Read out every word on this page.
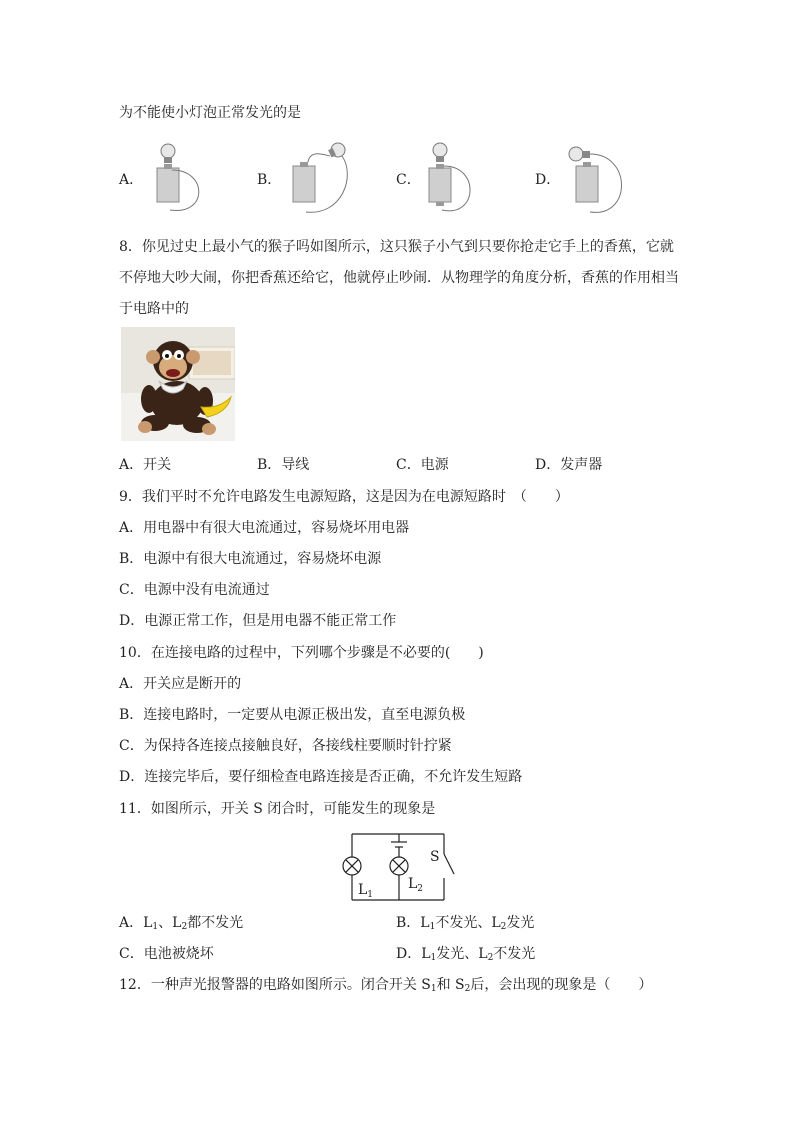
为不能使小灯泡正常发光的是
A．	B．	C．	D．
8．你见过史上最小气的猴子吗如图所示，这只猴子小气到只要你抢走它手上的香蕉，它就
不停地大吵大闹，你把香蕉还给它，他就停止吵闹．从物理学的角度分析，香蕉的作用相当
于电路中的
A．开关	B．导线	C．电源	D．发声器
9．我们平时不允许电路发生电源短路，这是因为在电源短路时　（　　）
A．用电器中有很大电流通过，容易烧坏用电器
B．电源中有很大电流通过，容易烧坏电源
C．电源中没有电流通过
D．电源正常工作，但是用电器不能正常工作
10．在连接电路的过程中，下列哪个步骤是不必要的(　　)
A．开关应是断开的
B．连接电路时，一定要从电源正极出发，直至电源负极
C．为保持各连接点接触良好，各接线柱要顺时针拧紧
D．连接完毕后，要仔细检查电路连接是否正确，不允许发生短路
11．如图所示，开关 S 闭合时，可能发生的现象是
$L_1$
$L_2$
S
A．$L_1$、$L_2$都不发光	B．$L_1$不发光、$L_2$发光
C．电池被烧坏	D．$L_1$发光、$L_2$不发光
12．一种声光报警器的电路如图所示。闭合开关 $S_1$和 $S_2$后，会出现的现象是（　　）
